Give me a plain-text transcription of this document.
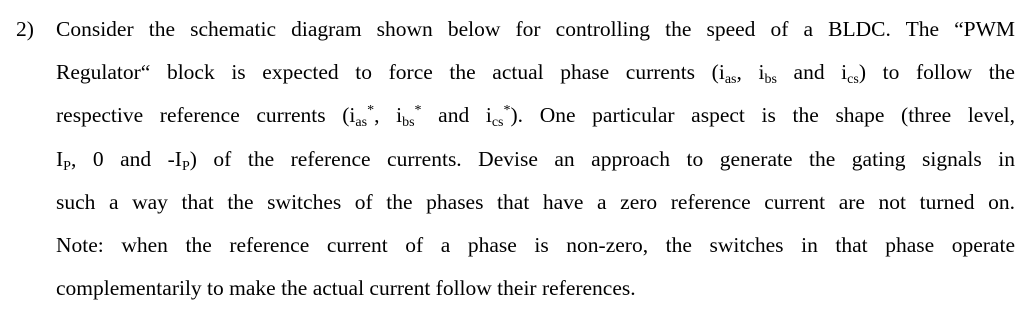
2) Consider the schematic diagram shown below for controlling the speed of a BLDC. The “PWM
Regulator“ block is expected to force the actual phase currents (ias, ibs and ics) to follow the
respective reference currents (ias*, ibs* and ics*). One particular aspect is the shape (three level,
IP, 0 and -IP) of the reference currents. Devise an approach to generate the gating signals in
such a way that the switches of the phases that have a zero reference current are not turned on.
Note: when the reference current of a phase is non-zero, the switches in that phase operate
complementarily to make the actual current follow their references.
